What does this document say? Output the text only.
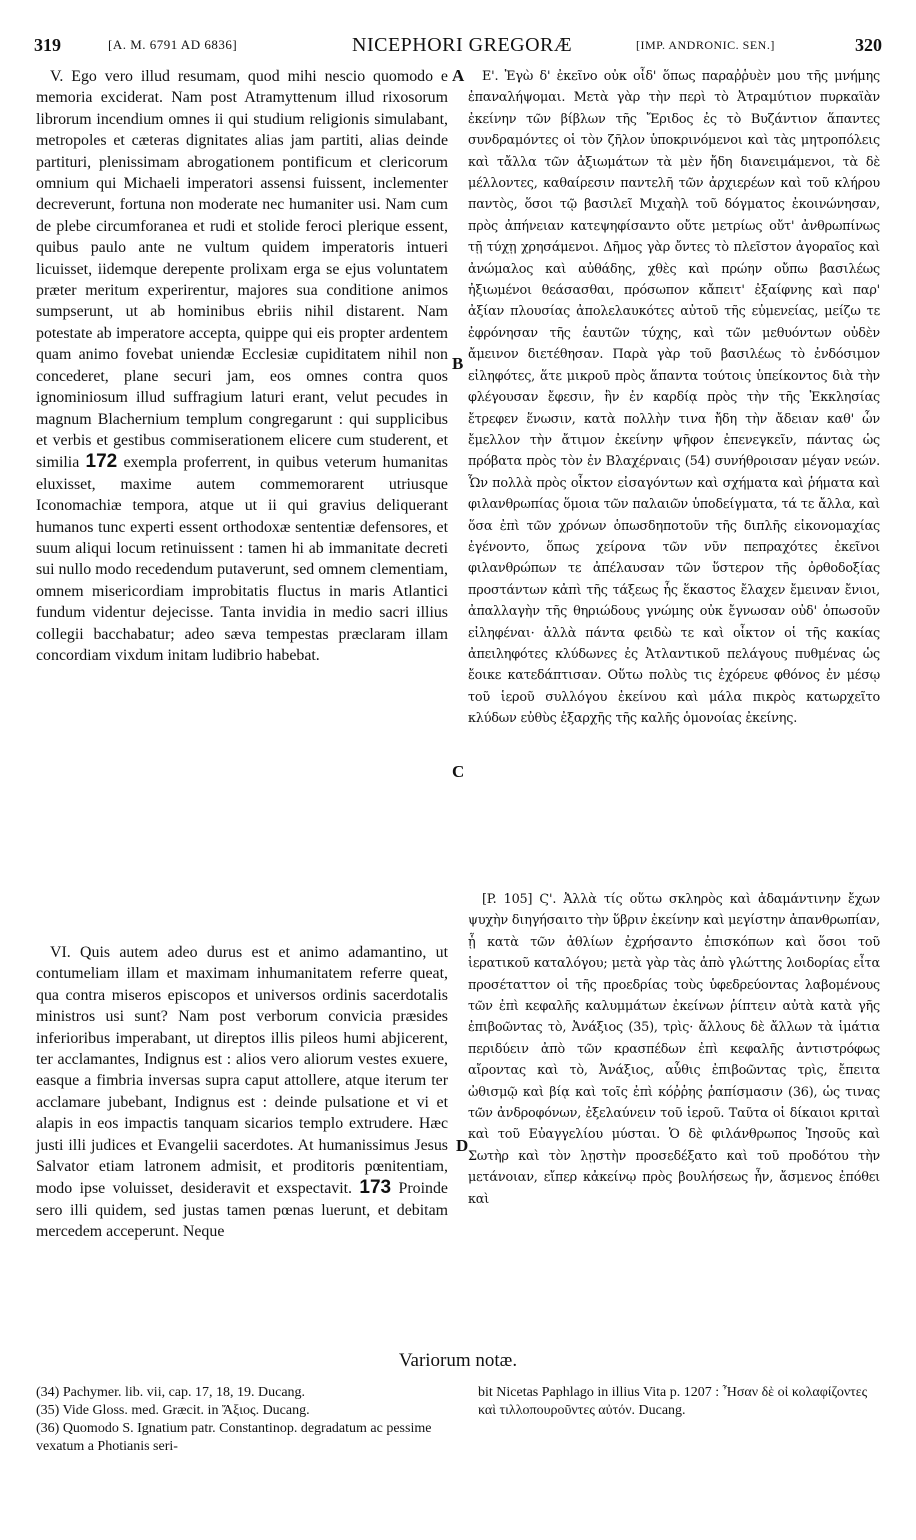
319	[A. M. 6791 AD 6836]	NICEPHORI GREGORÆ	[IMP. ANDRONIC. SEN.]	320

V. Ego vero illud resumam, quod mihi nescio quomodo e memoria exciderat. Nam post Atramyttenum illud rixosorum librorum incendium omnes ii qui studium religionis simulabant, metropoles et cæteras dignitates alias jam partiti, alias deinde partituri, plenissimam abrogationem pontificum et clericorum omnium qui Michaeli imperatori assensi fuissent, inclementer decreverunt, fortuna non moderate nec humaniter usi. Nam cum de plebe circumforanea et rudi et stolide feroci plerique essent, quibus paulo ante ne vultum quidem imperatoris intueri licuisset, iidemque derepente prolixam erga se ejus voluntatem præter meritum experirentur, majores sua conditione animos sumpserunt, ut ab hominibus ebriis nihil distarent. Nam potestate ab imperatore accepta, quippe qui eis propter ardentem quam animo fovebat uniendæ Ecclesiæ cupiditatem nihil non concederet, plane securi jam, eos omnes contra quos ignominiosum illud suffragium laturi erant, velut pecudes in magnum Blachernium templum congregarunt : qui supplicibus et verbis et gestibus commiserationem elicere cum studerent, et similia 172 exempla proferrent, in quibus veterum humanitas eluxisset, maxime autem commemorarent utriusque Iconomachiæ tempora, atque ut ii qui gravius deliquerant humanos tunc experti essent orthodoxæ sententiæ defensores, et suum aliqui locum retinuissent : tamen hi ab immanitate decreti sui nullo modo recedendum putaverunt, sed omnem clementiam, omnem misericordiam improbitatis fluctus in maris Atlantici fundum videntur dejecisse. Tanta invidia in medio sacri illius collegii bacchabatur; adeo sæva tempestas præclaram illam concordiam vixdum initam ludibrio habebat.

VI. Quis autem adeo durus est et animo adamantino, ut contumeliam illam et maximam inhumanitatem referre queat, qua contra miseros episcopos et universos ordinis sacerdotalis ministros usi sunt? Nam post verborum convicia præsides inferioribus imperabant, ut direptos illis pileos humi abjicerent, ter acclamantes, Indignus est : alios vero aliorum vestes exuere, easque a fimbria inversas supra caput attollere, atque iterum ter acclamare jubebant, Indignus est : deinde pulsatione et vi et alapis in eos impactis tanquam sicarios templo extrudere. Hæc justi illi judices et Evangelii sacerdotes. At humanissimus Jesus Salvator etiam latronem admisit, et proditoris pœnitentiam, modo ipse voluisset, desideravit et exspectavit. 173 Proinde sero illi quidem, sed justas tamen pœnas luerunt, et debitam mercedem acceperunt. Neque

Ε'. Ἐγὼ δ' ἐκεῖνο οὐκ οἶδ' ὅπως παραῤῥυὲν μου τῆς μνήμης ἐπαναλήψομαι. Μετὰ γὰρ τὴν περὶ τὸ Ἀτραμύτιον πυρκαϊὰν ἐκείνην τῶν βίβλων τῆς Ἔριδος ἐς τὸ Βυζάντιον ἅπαντες συνδραμόντες οἱ τὸν ζῆλον ὑποκρινόμενοι καὶ τὰς μητροπόλεις καὶ τἄλλα τῶν ἀξιωμάτων τὰ μὲν ἤδη διανειμάμενοι, τὰ δὲ μέλλοντες, καθαίρεσιν παντελῆ τῶν ἀρχιερέων καὶ τοῦ κλήρου παντὸς, ὅσοι τῷ βασιλεῖ Μιχαὴλ τοῦ δόγματος ἐκοινώνησαν, πρὸς ἀπήνειαν κατεψηφίσαντο οὔτε μετρίως οὔτ' ἀνθρωπίνως τῇ τύχῃ χρησάμενοι. Δῆμος γὰρ ὄντες τὸ πλεῖστον ἀγοραῖος καὶ ἀνώμαλος καὶ αὐθάδης, χθὲς καὶ πρώην οὔπω βασιλέως ἠξιωμένοι θεάσασθαι, πρόσωπον κἄπειτ' ἐξαίφνης καὶ παρ' ἀξίαν πλουσίας ἀπολελαυκότες αὐτοῦ τῆς εὐμενείας, μείζω τε ἐφρόνησαν τῆς ἑαυτῶν τύχης, καὶ τῶν μεθυόντων οὐδὲν ἄμεινον διετέθησαν. Παρὰ γὰρ τοῦ βασιλέως τὸ ἐνδόσιμον εἰληφότες, ἅτε μικροῦ πρὸς ἅπαντα τούτοις ὑπείκοντος διὰ τὴν φλέγουσαν ἔφεσιν, ἣν ἐν καρδίᾳ πρὸς τὴν τῆς Ἐκκλησίας ἔτρεφεν ἕνωσιν, κατὰ πολλὴν τινα ἤδη τὴν ἄδειαν καθ' ὧν ἔμελλον τὴν ἄτιμον ἐκείνην ψῆφον ἐπενεγκεῖν, πάντας ὡς πρόβατα πρὸς τὸν ἐν Βλαχέρναις (54) συνήθροισαν μέγαν νεών. Ὧν πολλὰ πρὸς οἶκτον εἰσαγόντων καὶ σχήματα καὶ ῥήματα καὶ φιλανθρωπίας ὅμοια τῶν παλαιῶν ὑποδείγματα, τά τε ἄλλα, καὶ ὅσα ἐπὶ τῶν χρόνων ὁπωσδηποτοῦν τῆς διπλῆς εἰκονομαχίας ἐγένοντο, ὅπως χείρονα τῶν νῦν πεπραχότες ἐκεῖνοι φιλανθρώπων τε ἀπέλαυσαν τῶν ὕστερον τῆς ὀρθοδοξίας προστάντων κἀπὶ τῆς τάξεως ἧς ἕκαστος ἔλαχεν ἔμειναν ἔνιοι, ἀπαλλαγὴν τῆς θηριώδους γνώμης οὐκ ἔγνωσαν οὐδ' ὁπωσοῦν εἰληφέναι· ἀλλὰ πάντα φειδὼ τε καὶ οἶκτον οἱ τῆς κακίας ἀπειληφότες κλύδωνες ἐς Ἀτλαντικοῦ πελάγους πυθμένας ὡς ἔοικε κατεδάπτισαν. Οὕτω πολὺς τις ἐχόρευε φθόνος ἐν μέσῳ τοῦ ἱεροῦ συλλόγου ἐκείνου καὶ μάλα πικρὸς κατωρχεῖτο κλύδων εὐθὺς ἐξαρχῆς τῆς καλῆς ὁμονοίας ἐκείνης.

[P. 105] Ϛ'. Ἀλλὰ τίς οὕτω σκληρὸς καὶ ἀδαμάντινην ἔχων ψυχὴν διηγήσαιτο τὴν ὕβριν ἐκείνην καὶ μεγίστην ἀπανθρωπίαν, ᾗ κατὰ τῶν ἀθλίων ἐχρήσαντο ἐπισκόπων καὶ ὅσοι τοῦ ἱερατικοῦ καταλόγου; μετὰ γὰρ τὰς ἀπὸ γλώττης λοιδορίας εἶτα προσέταττον οἱ τῆς προεδρίας τοὺς ὑφεδρεύοντας λαβομένους τῶν ἐπὶ κεφαλῆς καλυμμάτων ἐκείνων ῥίπτειν αὐτὰ κατὰ γῆς ἐπιβοῶντας τὸ, Ἀνάξιος (35), τρὶς· ἄλλους δὲ ἄλλων τὰ ἱμάτια περιδύειν ἀπὸ τῶν κρασπέδων ἐπὶ κεφαλῆς ἀντιστρόφως αἴροντας καὶ τὸ, Ἀνάξιος, αὖθις ἐπιβοῶντας τρὶς, ἔπειτα ὠθισμῷ καὶ βίᾳ καὶ τοῖς ἐπὶ κόῤῥης ῥαπίσμασιν (36), ὡς τινας τῶν ἀνδροφόνων, ἐξελαύνειν τοῦ ἱεροῦ. Ταῦτα οἱ δίκαιοι κριταὶ καὶ τοῦ Εὐαγγελίου μύσται. Ὁ δὲ φιλάνθρωπος Ἰησοῦς καὶ Σωτὴρ καὶ τὸν λῃστὴν προσεδέξατο καὶ τοῦ προδότου τὴν μετάνοιαν, εἴπερ κἀκείνῳ πρὸς βουλήσεως ἦν, ἄσμενος ἐπόθει καὶ

A
B
C
D
Variorum notæ.

(34) Pachymer. lib. vii, cap. 17, 18, 19. Ducang.

(35) Vide Gloss. med. Græcit. in Ἄξιος. Ducang.

(36) Quomodo S. Ignatium patr. Constantinop. degradatum ac pessime vexatum a Photianis seri-

bit Nicetas Paphlago in illius Vita p. 1207 : Ἦσαν δὲ οἱ κολαφίζοντες καὶ τιλλοπουροῦντες αὐτόν. Ducang.
